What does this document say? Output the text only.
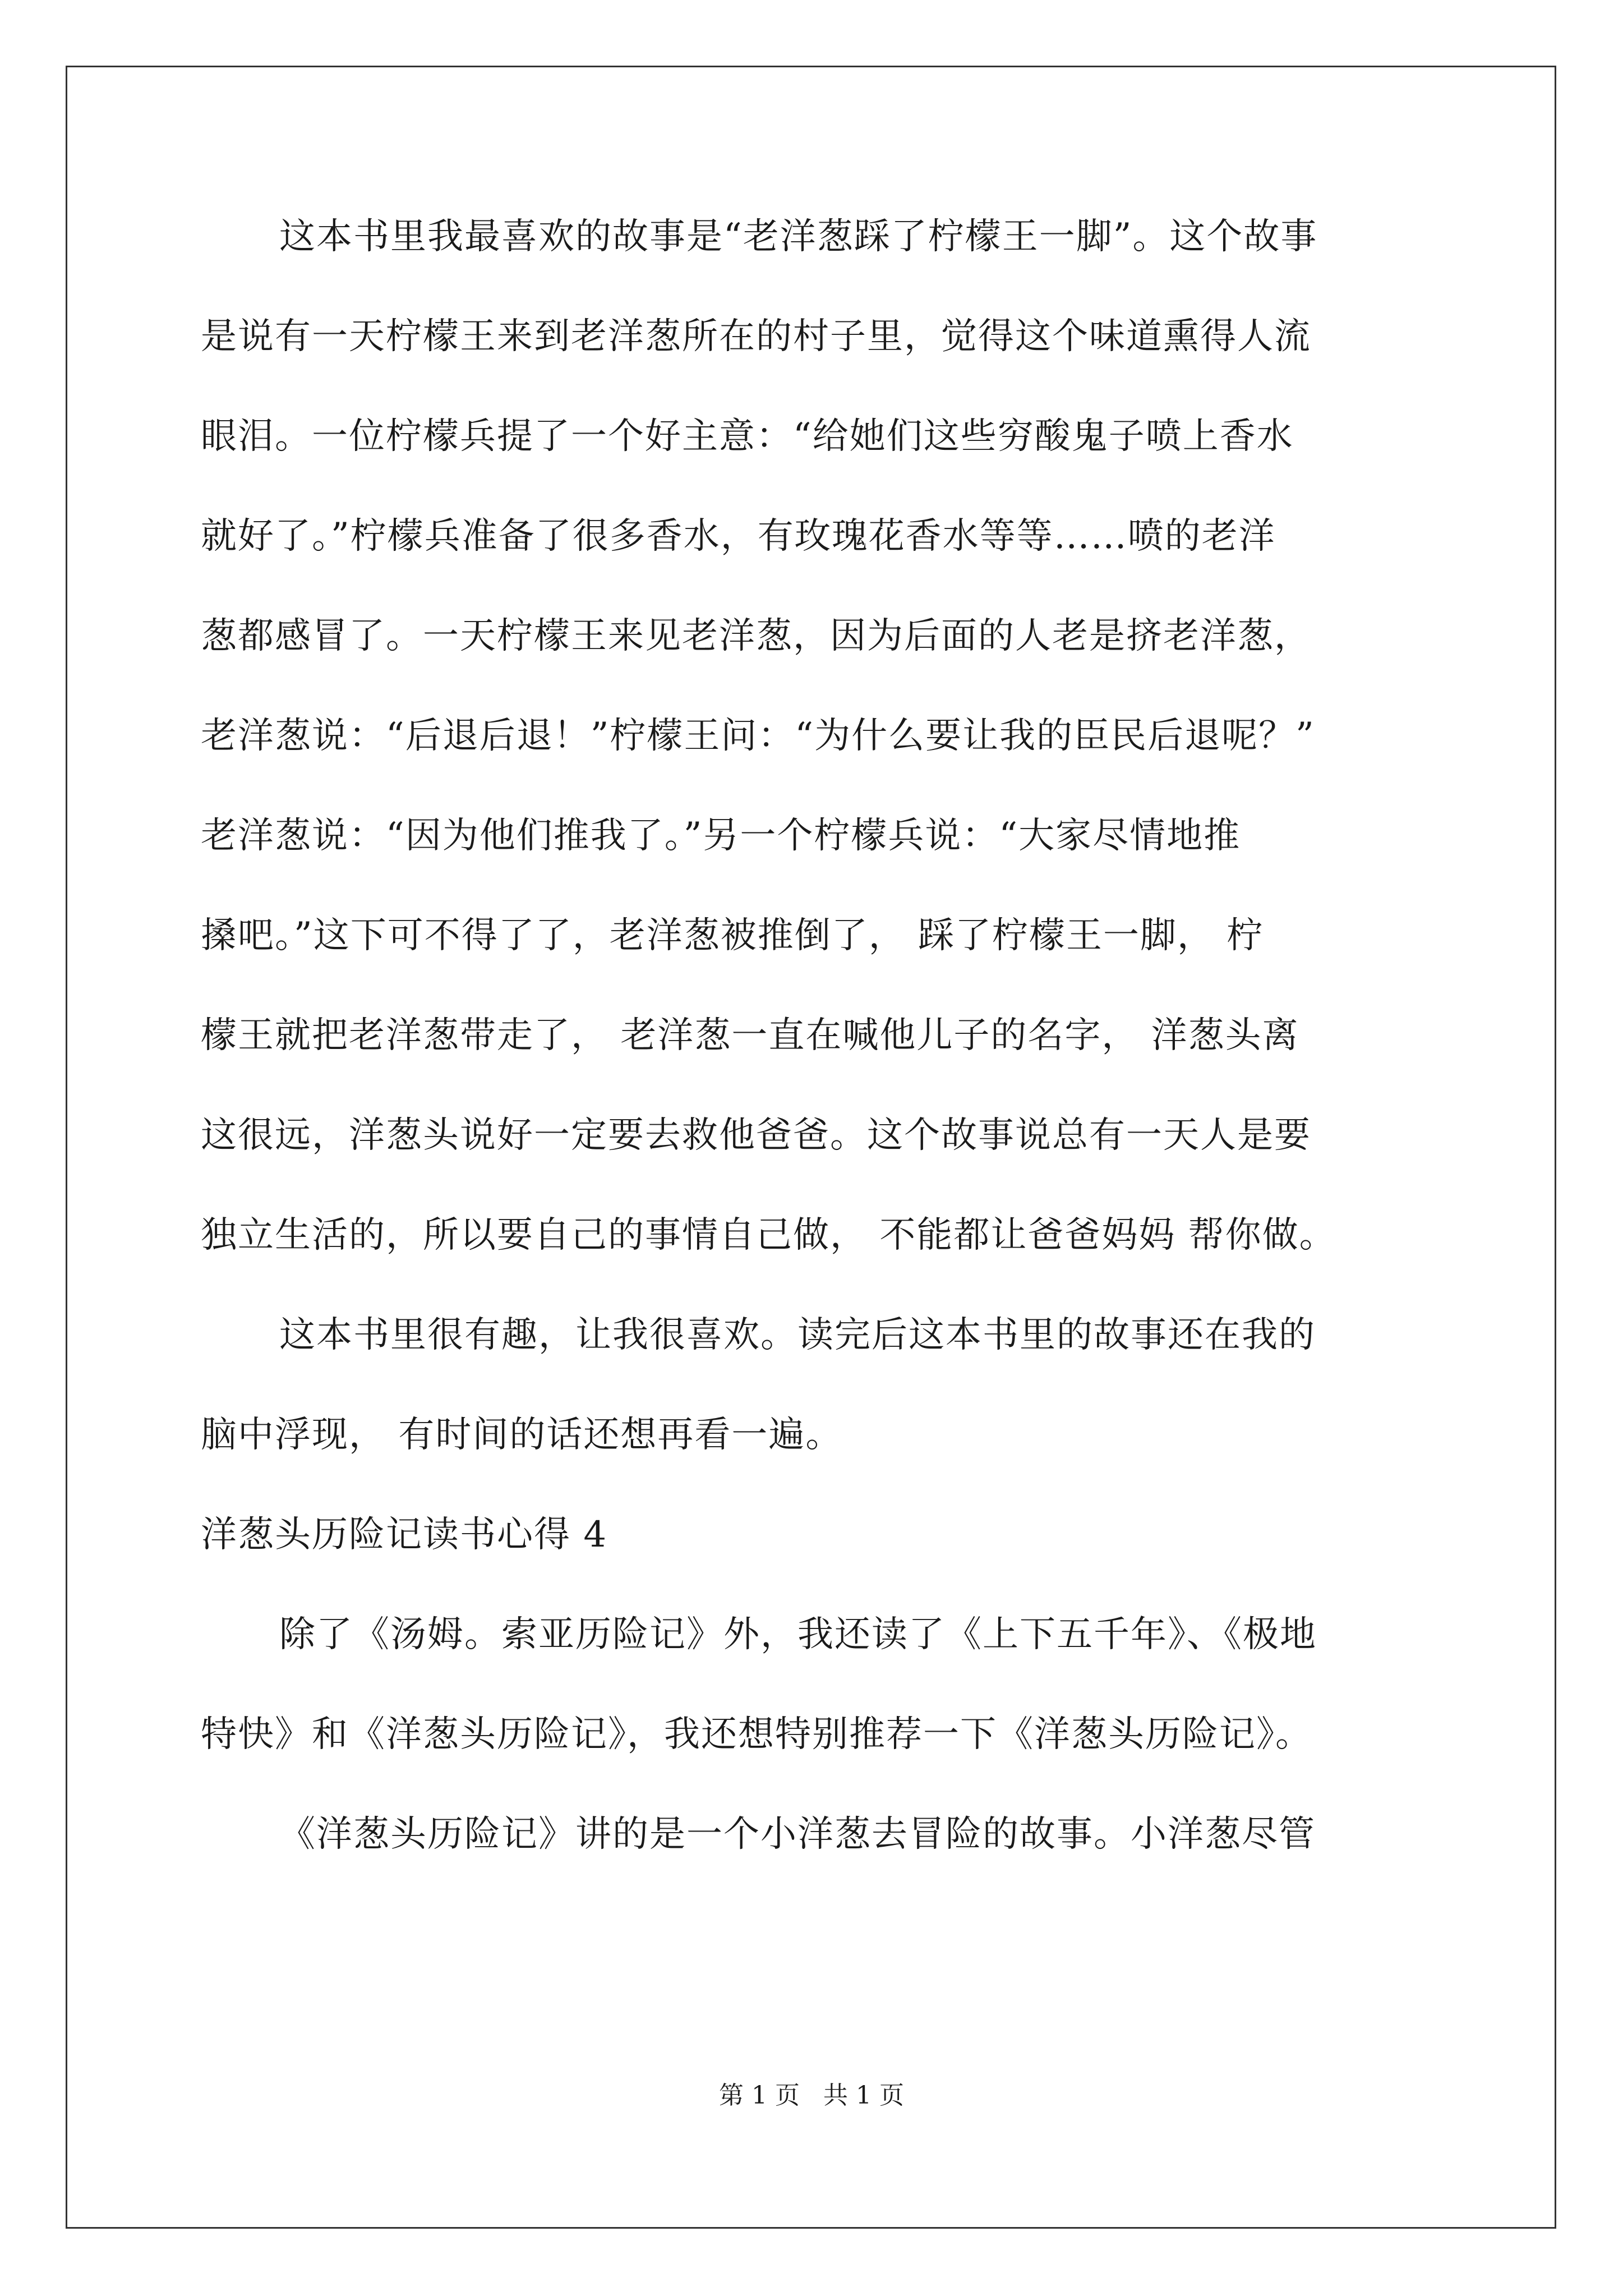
这本书里我最喜欢的故事是“老洋葱踩了柠檬王一脚”。这个故事
是说有一天柠檬王来到老洋葱所在的村子里，觉得这个味道熏得人流
眼泪。一位柠檬兵提了一个好主意：“给她们这些穷酸鬼子喷上香水
就好了。”柠檬兵准备了很多香水，有玫瑰花香水等等……喷的老洋
葱都感冒了。一天柠檬王来见老洋葱，因为后面的人老是挤老洋葱，
老洋葱说：“后退后退！”柠檬王问：“为什么要让我的臣民后退呢？”
老洋葱说：“因为他们推我了。”另一个柠檬兵说：“大家尽情地推
搡吧。”这下可不得了了，老洋葱被推倒了， 踩了柠檬王一脚， 柠
檬王就把老洋葱带走了， 老洋葱一直在喊他儿子的名字， 洋葱头离
这很远，洋葱头说好一定要去救他爸爸。这个故事说总有一天人是要
独立生活的，所以要自己的事情自己做， 不能都让爸爸妈妈 帮你做。
这本书里很有趣，让我很喜欢。读完后这本书里的故事还在我的
脑中浮现， 有时间的话还想再看一遍。
洋葱头历险记读书心得 4
除了《汤姆。索亚历险记》外，我还读了《上下五千年》、《极地
特快》和《洋葱头历险记》，我还想特别推荐一下《洋葱头历险记》。
《洋葱头历险记》讲的是一个小洋葱去冒险的故事。小洋葱尽管
第 1 页   共 1 页
